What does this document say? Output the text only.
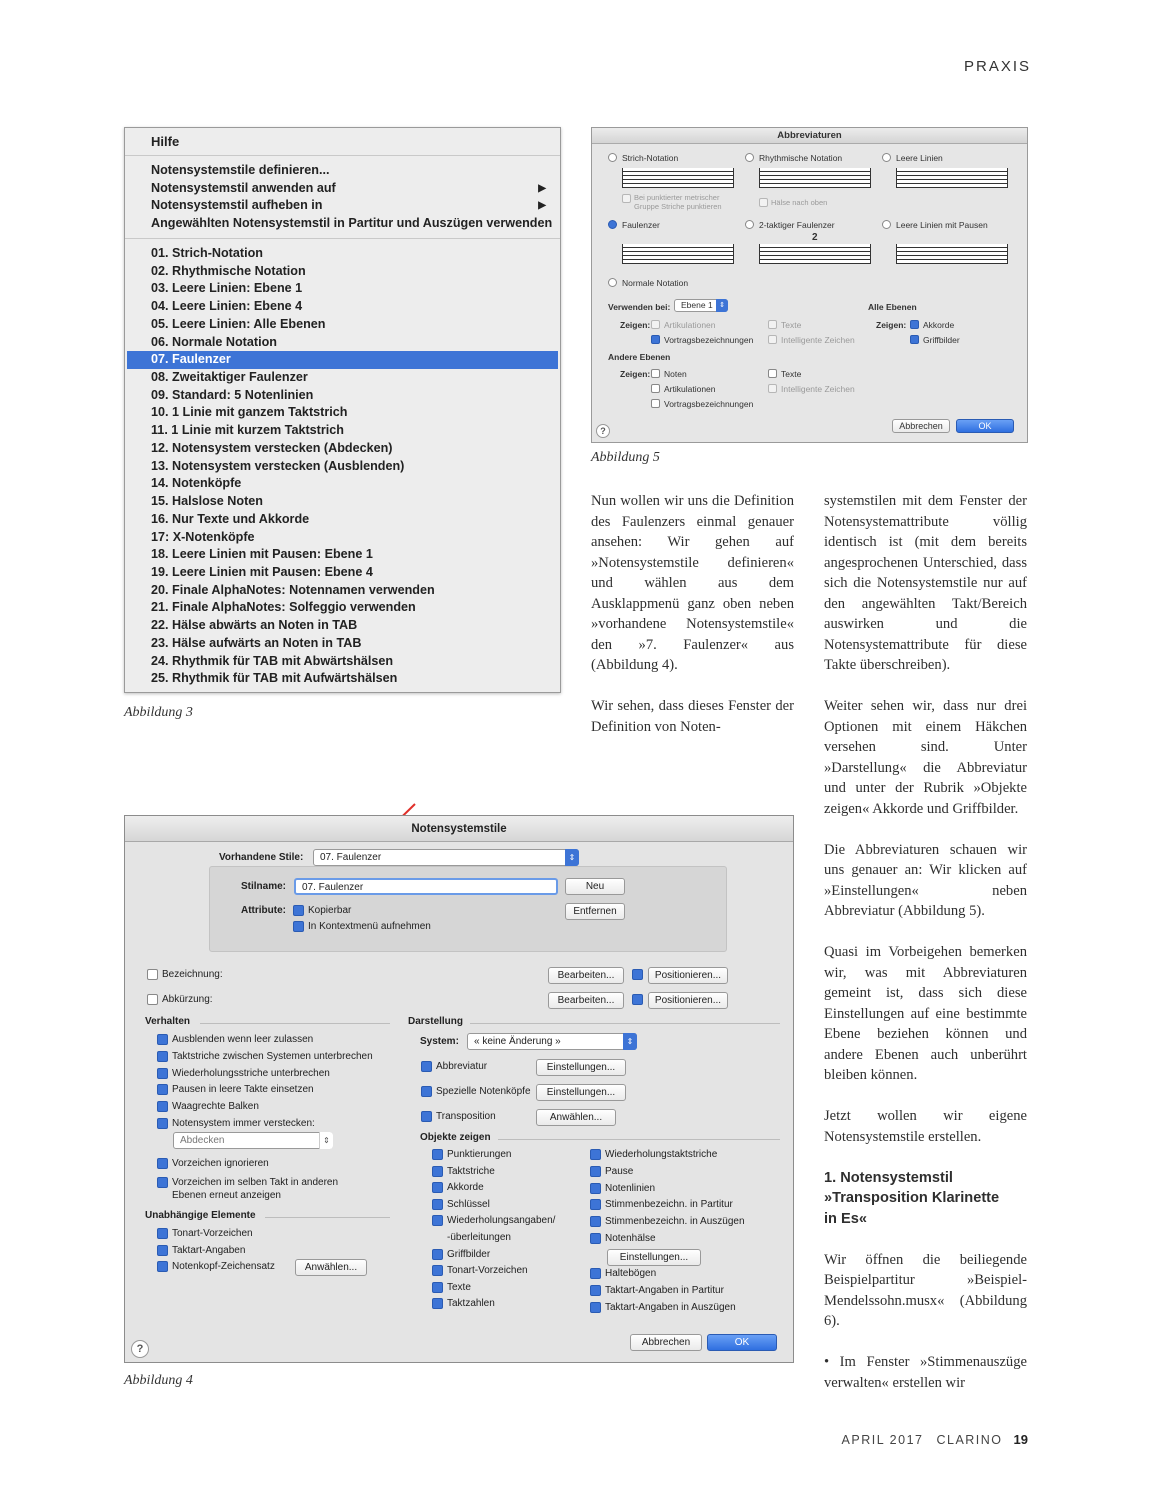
PRAXIS
Hilfe
Notensystemstile definieren...
Notensystemstil anwenden auf	▶
Notensystemstil aufheben in	▶
Angewählten Notensystemstil in Partitur und Auszügen verwenden
01. Strich-Notation
02. Rhythmische Notation
03. Leere Linien: Ebene 1
04. Leere Linien: Ebene 4
05. Leere Linien: Alle Ebenen
06. Normale Notation
07. Faulenzer
08. Zweitaktiger Faulenzer
09. Standard: 5 Notenlinien
10. 1 Linie mit ganzem Taktstrich
11. 1 Linie mit kurzem Taktstrich
12. Notensystem verstecken (Abdecken)
13. Notensystem verstecken (Ausblenden)
14. Notenköpfe
15. Halslose Noten
16. Nur Texte und Akkorde
17: X-Notenköpfe
18. Leere Linien mit Pausen: Ebene 1
19. Leere Linien mit Pausen: Ebene 4
20. Finale AlphaNotes: Notennamen verwenden
21. Finale AlphaNotes: Solfeggio verwenden
22. Hälse abwärts an Noten in TAB
23. Hälse aufwärts an Noten in TAB
24. Rhythmik für TAB mit Abwärtshälsen
25. Rhythmik für TAB mit Aufwärtshälsen
Abbildung 3
Abbreviaturen
Strich-Notation	Rhythmische Notation	Leere Linien
Bei punktierter metrischer
Gruppe Striche punktieren	Hälse nach oben
Faulenzer	2-taktiger Faulenzer	Leere Linien mit Pausen
2
Normale Notation
Verwenden bei:	Ebene 1 ⇕	Alle Ebenen
Zeigen: Artikulationen	Texte	Zeigen: Akkorde
Vortragsbezeichnungen	Intelligente Zeichen	Griffbilder
Andere Ebenen
Zeigen: Noten	Texte
Artikulationen	Intelligente Zeichen
Vortragsbezeichnungen
?	Abbrechen	OK
Abbildung 5
Notensystemstile
Vorhandene Stile:	07. Faulenzer	⇕
Stilname:	07. Faulenzer	Neu
Attribute: Kopierbar	Entfernen
In Kontextmenü aufnehmen
Bezeichnung:	Bearbeiten...	Positionieren...
Abkürzung:	Bearbeiten...	Positionieren...
Verhalten
Ausblenden wenn leer zulassen
Taktstriche zwischen Systemen unterbrechen
Wiederholungsstriche unterbrechen
Pausen in leere Takte einsetzen
Waagrechte Balken
Notensystem immer verstecken:
Abdecken	⇕
Vorzeichen ignorieren
Vorzeichen im selben Takt in anderen
Ebenen erneut anzeigen
Unabhängige Elemente
Tonart-Vorzeichen
Taktart-Angaben
Notenkopf-Zeichensatz	Anwählen...
Darstellung
System:	« keine Änderung »	⇕
Abbreviatur	Einstellungen...
Spezielle Notenköpfe	Einstellungen...
Transposition	Anwählen...
Objekte zeigen
Punktierungen
Taktstriche
Akkorde
Schlüssel
Wiederholungsangaben/
-überleitungen
Griffbilder
Tonart-Vorzeichen
Texte
Taktzahlen
Wiederholungstaktstriche
Pause
Notenlinien
Stimmenbezeichn. in Partitur
Stimmenbezeichn. in Auszügen
Notenhälse
Einstellungen...
Haltebögen
Taktart-Angaben in Partitur
Taktart-Angaben in Auszügen
?
Abbrechen	OK
Abbildung 4

Nun wollen wir uns die Definition des Faulenzers einmal genauer ansehen: Wir gehen auf »Notensystemstile definieren« und wählen aus dem Ausklappmenü ganz oben neben »vorhandene Notensystemstile« den »7. Faulenzer« aus (Abbildung 4).

Wir sehen, dass dieses Fenster der Definition von Noten-

systemstilen mit dem Fenster der Notensystemattribute völlig identisch ist (mit dem bereits angesprochenen Unterschied, dass sich die Notensystemstile nur auf den angewählten Takt/Bereich auswirken und die Notensystemattribute für diese Takte überschreiben).

Weiter sehen wir, dass nur drei Optionen mit einem Häkchen versehen sind. Unter »Darstellung« die Abbreviatur und unter der Rubrik »Objekte zeigen« Akkorde und Griffbilder.

Die Abbreviaturen schauen wir uns genauer an: Wir klicken auf »Einstellungen« neben Abbreviatur (Abbildung 5).

Quasi im Vorbeigehen bemerken wir, was mit Abbreviaturen gemeint ist, dass sich diese Einstellungen auf eine bestimmte Ebene beziehen können und andere Ebenen auch unberührt bleiben können.

Jetzt wollen wir eigene Notensystemstile erstellen.

1. Notensystemstil
»Transposition Klarinette
in Es«

Wir öffnen die beiliegende Beispielpartitur »Beispiel-Mendelssohn.musx« (Abbildung 6).

• Im Fenster »Stimmenauszüge verwalten« erstellen wir

APRIL 2017 CLARINO 19
